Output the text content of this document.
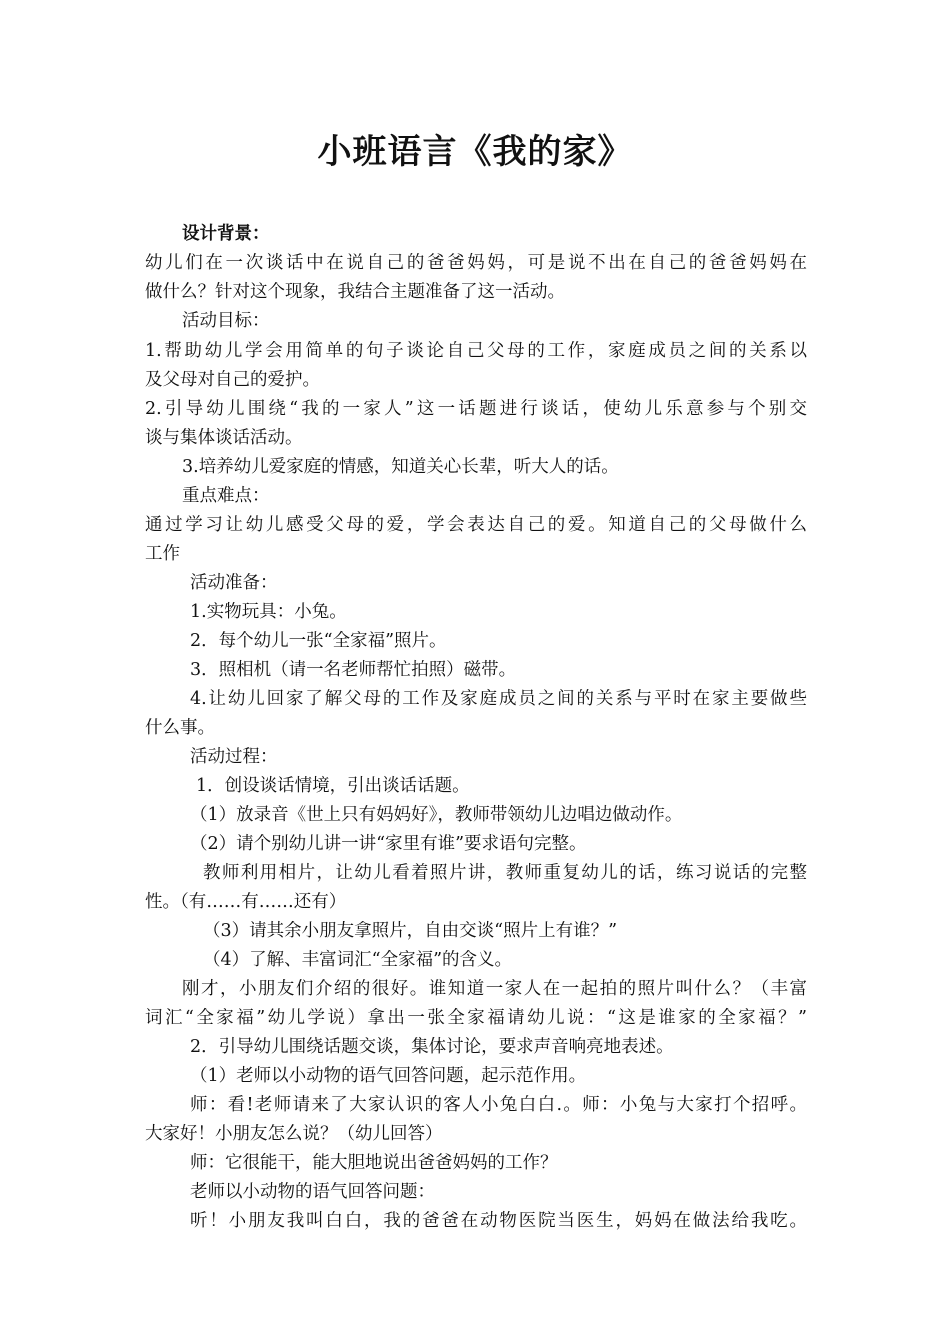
小班语言《我的家》
设计背景：
幼儿们在一次谈话中在说自己的爸爸妈妈，可是说不出在自己的爸爸妈妈在
做什么？针对这个现象，我结合主题准备了这一活动。
活动目标：
1.帮助幼儿学会用简单的句子谈论自己父母的工作，家庭成员之间的关系以
及父母对自己的爱护。
2.引导幼儿围绕“我的一家人”这一话题进行谈话，使幼儿乐意参与个别交
谈与集体谈话活动。
3.培养幼儿爱家庭的情感，知道关心长辈，听大人的话。
重点难点：
通过学习让幼儿感受父母的爱，学会表达自己的爱。知道自己的父母做什么
工作
活动准备：
1.实物玩具：小兔。
2．每个幼儿一张“全家福”照片。
3．照相机（请一名老师帮忙拍照）磁带。
4.让幼儿回家了解父母的工作及家庭成员之间的关系与平时在家主要做些
什么事。
活动过程：
1．创设谈话情境，引出谈话话题。
（1）放录音《世上只有妈妈好》，教师带领幼儿边唱边做动作。
（2）请个别幼儿讲一讲“家里有谁”要求语句完整。
教师利用相片，让幼儿看着照片讲，教师重复幼儿的话，练习说话的完整
性。（有……有……还有）
（3）请其余小朋友拿照片，自由交谈“照片上有谁？”
（4）了解、丰富词汇“全家福”的含义。
刚才，小朋友们介绍的很好。谁知道一家人在一起拍的照片叫什么？（丰富
词汇“全家福”幼儿学说）拿出一张全家福请幼儿说：“这是谁家的全家福？”
2．引导幼儿围绕话题交谈，集体讨论，要求声音响亮地表述。
（1）老师以小动物的语气回答问题，起示范作用。
师：看!老师请来了大家认识的客人小兔白白.。师：小兔与大家打个招呼。
大家好！小朋友怎么说？（幼儿回答）
师：它很能干，能大胆地说出爸爸妈妈的工作？
老师以小动物的语气回答问题：
听！小朋友我叫白白，我的爸爸在动物医院当医生，妈妈在做法给我吃。
